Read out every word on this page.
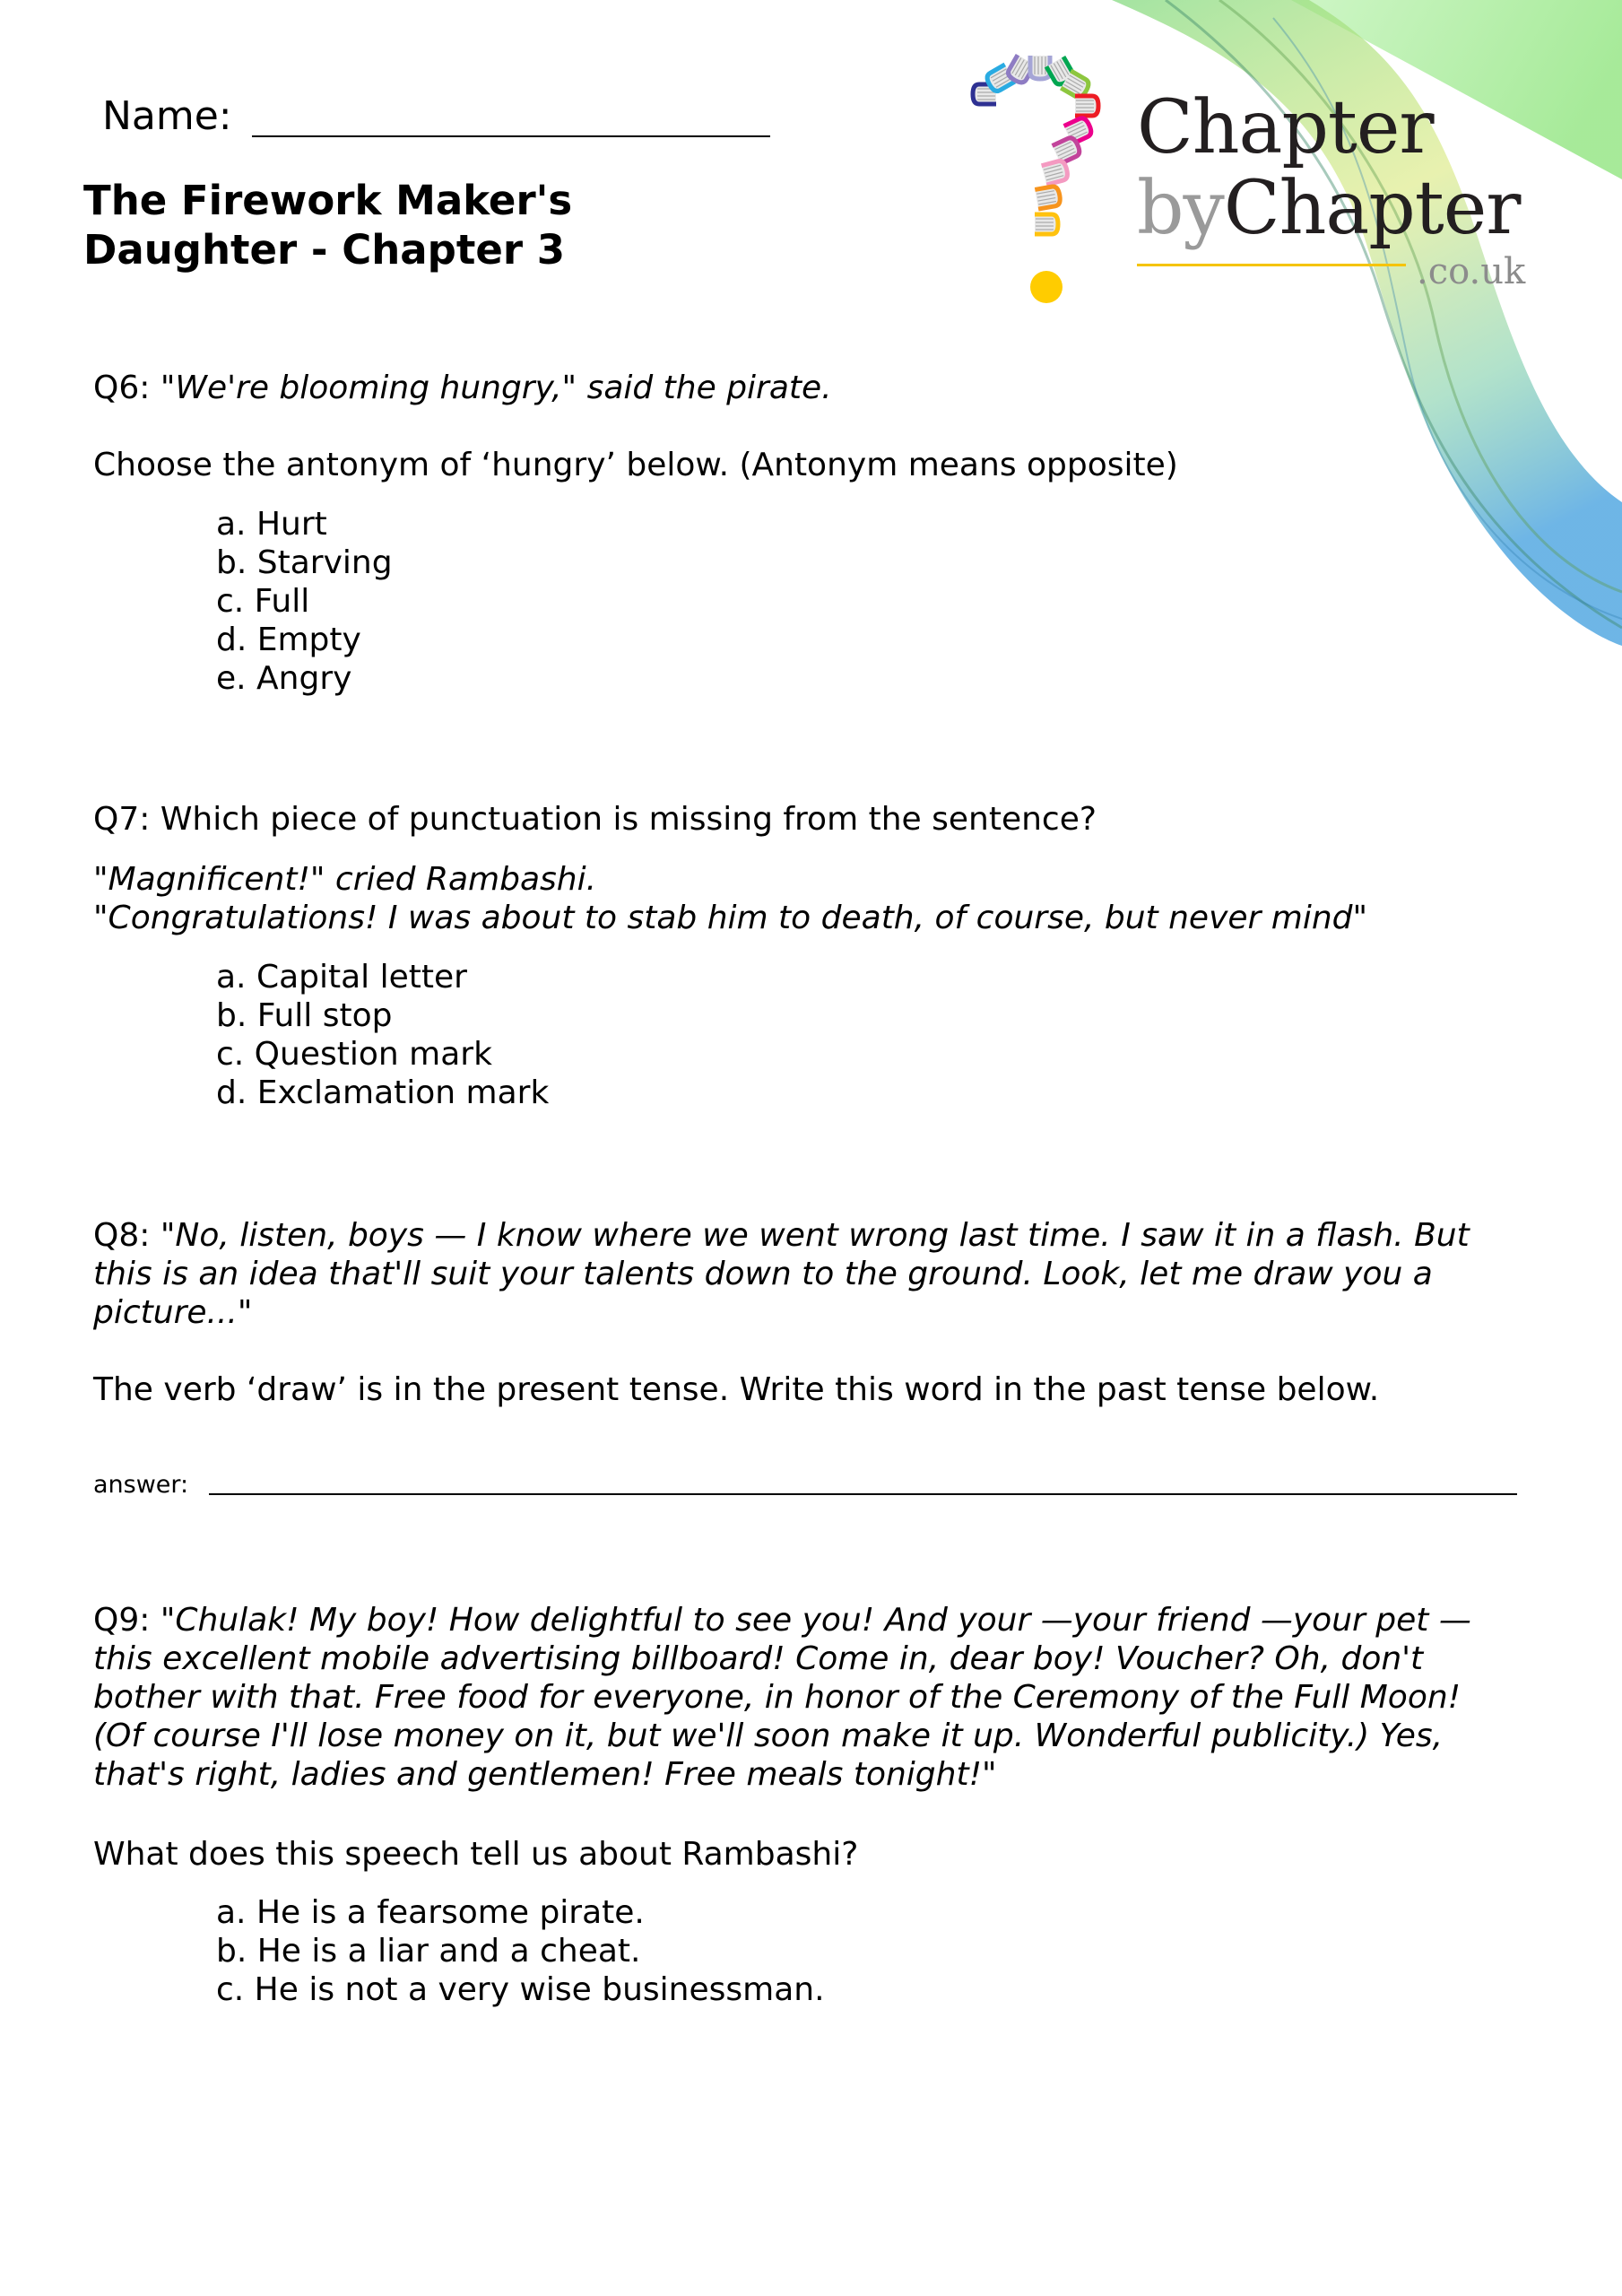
Name:
The Firework Maker's
Daughter - Chapter 3
Chapter
byChapter
.co.uk
Q6: "We're blooming hungry," said the pirate.
Choose the antonym of ‘hungry’ below. (Antonym means opposite)
a. Hurt
b. Starving
c. Full
d. Empty
e. Angry
Q7: Which piece of punctuation is missing from the sentence?
"Magnificent!" cried Rambashi.
"Congratulations! I was about to stab him to death, of course, but never mind"
a. Capital letter
b. Full stop
c. Question mark
d. Exclamation mark
Q8: "No, listen, boys — I know where we went wrong last time. I saw it in a flash. But
this is an idea that'll suit your talents down to the ground. Look, let me draw you a
picture..."
The verb ‘draw’ is in the present tense. Write this word in the past tense below.
answer:
Q9: "Chulak! My boy! How delightful to see you! And your —your friend —your pet —
this excellent mobile advertising billboard! Come in, dear boy! Voucher? Oh, don't
bother with that. Free food for everyone, in honor of the Ceremony of the Full Moon!
(Of course I'll lose money on it, but we'll soon make it up. Wonderful publicity.) Yes,
that's right, ladies and gentlemen! Free meals tonight!"
What does this speech tell us about Rambashi?
a. He is a fearsome pirate.
b. He is a liar and a cheat.
c. He is not a very wise businessman.
